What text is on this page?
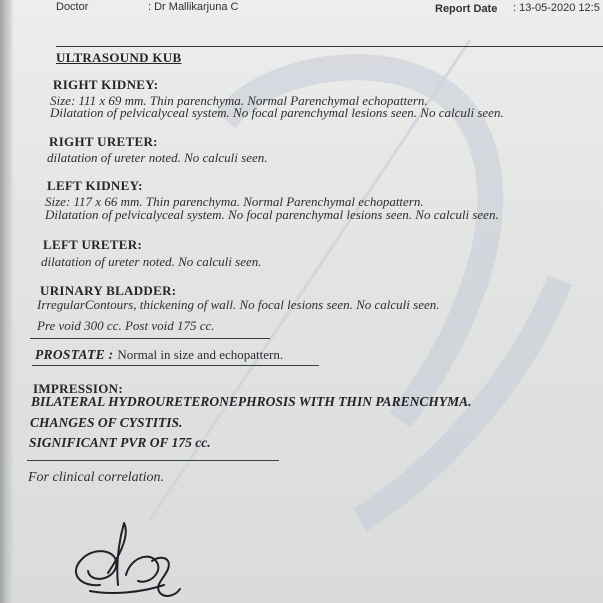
Doctor	: Dr Mallikarjuna C	Report Date : 13-05-2020 12:5
ULTRASOUND KUB
RIGHT KIDNEY:
Size: 111 x 69 mm. Thin parenchyma. Normal Parenchymal echopattern.
Dilatation of pelvicalyceal system. No focal parenchymal lesions seen. No calculi seen.
RIGHT URETER:
dilatation of ureter noted. No calculi seen.
LEFT KIDNEY:
Size: 117 x 66 mm. Thin parenchyma. Normal Parenchymal echopattern.
Dilatation of pelvicalyceal system. No focal parenchymal lesions seen. No calculi seen.
LEFT URETER:
dilatation of ureter noted. No calculi seen.
URINARY BLADDER:
IrregularContours, thickening of wall. No focal lesions seen. No calculi seen.
Pre void 300 cc. Post void 175 cc.
PROSTATE : Normal in size and echopattern.
IMPRESSION:
BILATERAL HYDROURETERONEPHROSIS WITH THIN PARENCHYMA.
CHANGES OF CYSTITIS.
SIGNIFICANT PVR OF 175 cc.
For clinical correlation.
